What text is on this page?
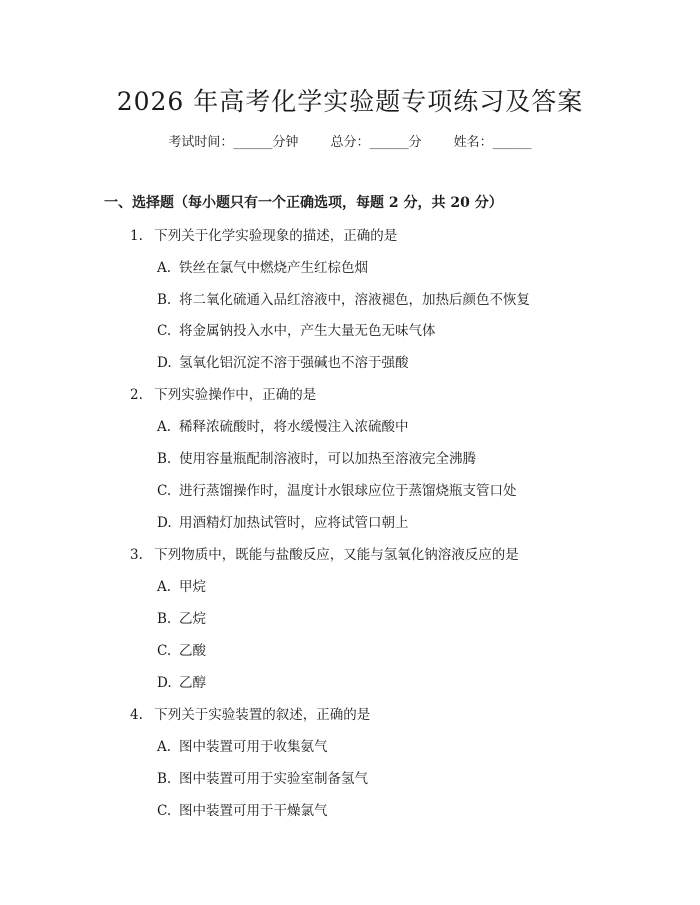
2026 年高考化学实验题专项练习及答案
考试时间：______分钟 总分：______分 姓名：______
一、选择题（每小题只有一个正确选项，每题 2 分，共 20 分）
1. 下列关于化学实验现象的描述，正确的是
A. 铁丝在氯气中燃烧产生红棕色烟
B. 将二氧化硫通入品红溶液中，溶液褪色，加热后颜色不恢复
C. 将金属钠投入水中，产生大量无色无味气体
D. 氢氧化铝沉淀不溶于强碱也不溶于强酸
2. 下列实验操作中，正确的是
A. 稀释浓硫酸时，将水缓慢注入浓硫酸中
B. 使用容量瓶配制溶液时，可以加热至溶液完全沸腾
C. 进行蒸馏操作时，温度计水银球应位于蒸馏烧瓶支管口处
D. 用酒精灯加热试管时，应将试管口朝上
3. 下列物质中，既能与盐酸反应，又能与氢氧化钠溶液反应的是
A. 甲烷
B. 乙烷
C. 乙酸
D. 乙醇
4. 下列关于实验装置的叙述，正确的是
A. 图中装置可用于收集氨气
B. 图中装置可用于实验室制备氢气
C. 图中装置可用于干燥氯气
